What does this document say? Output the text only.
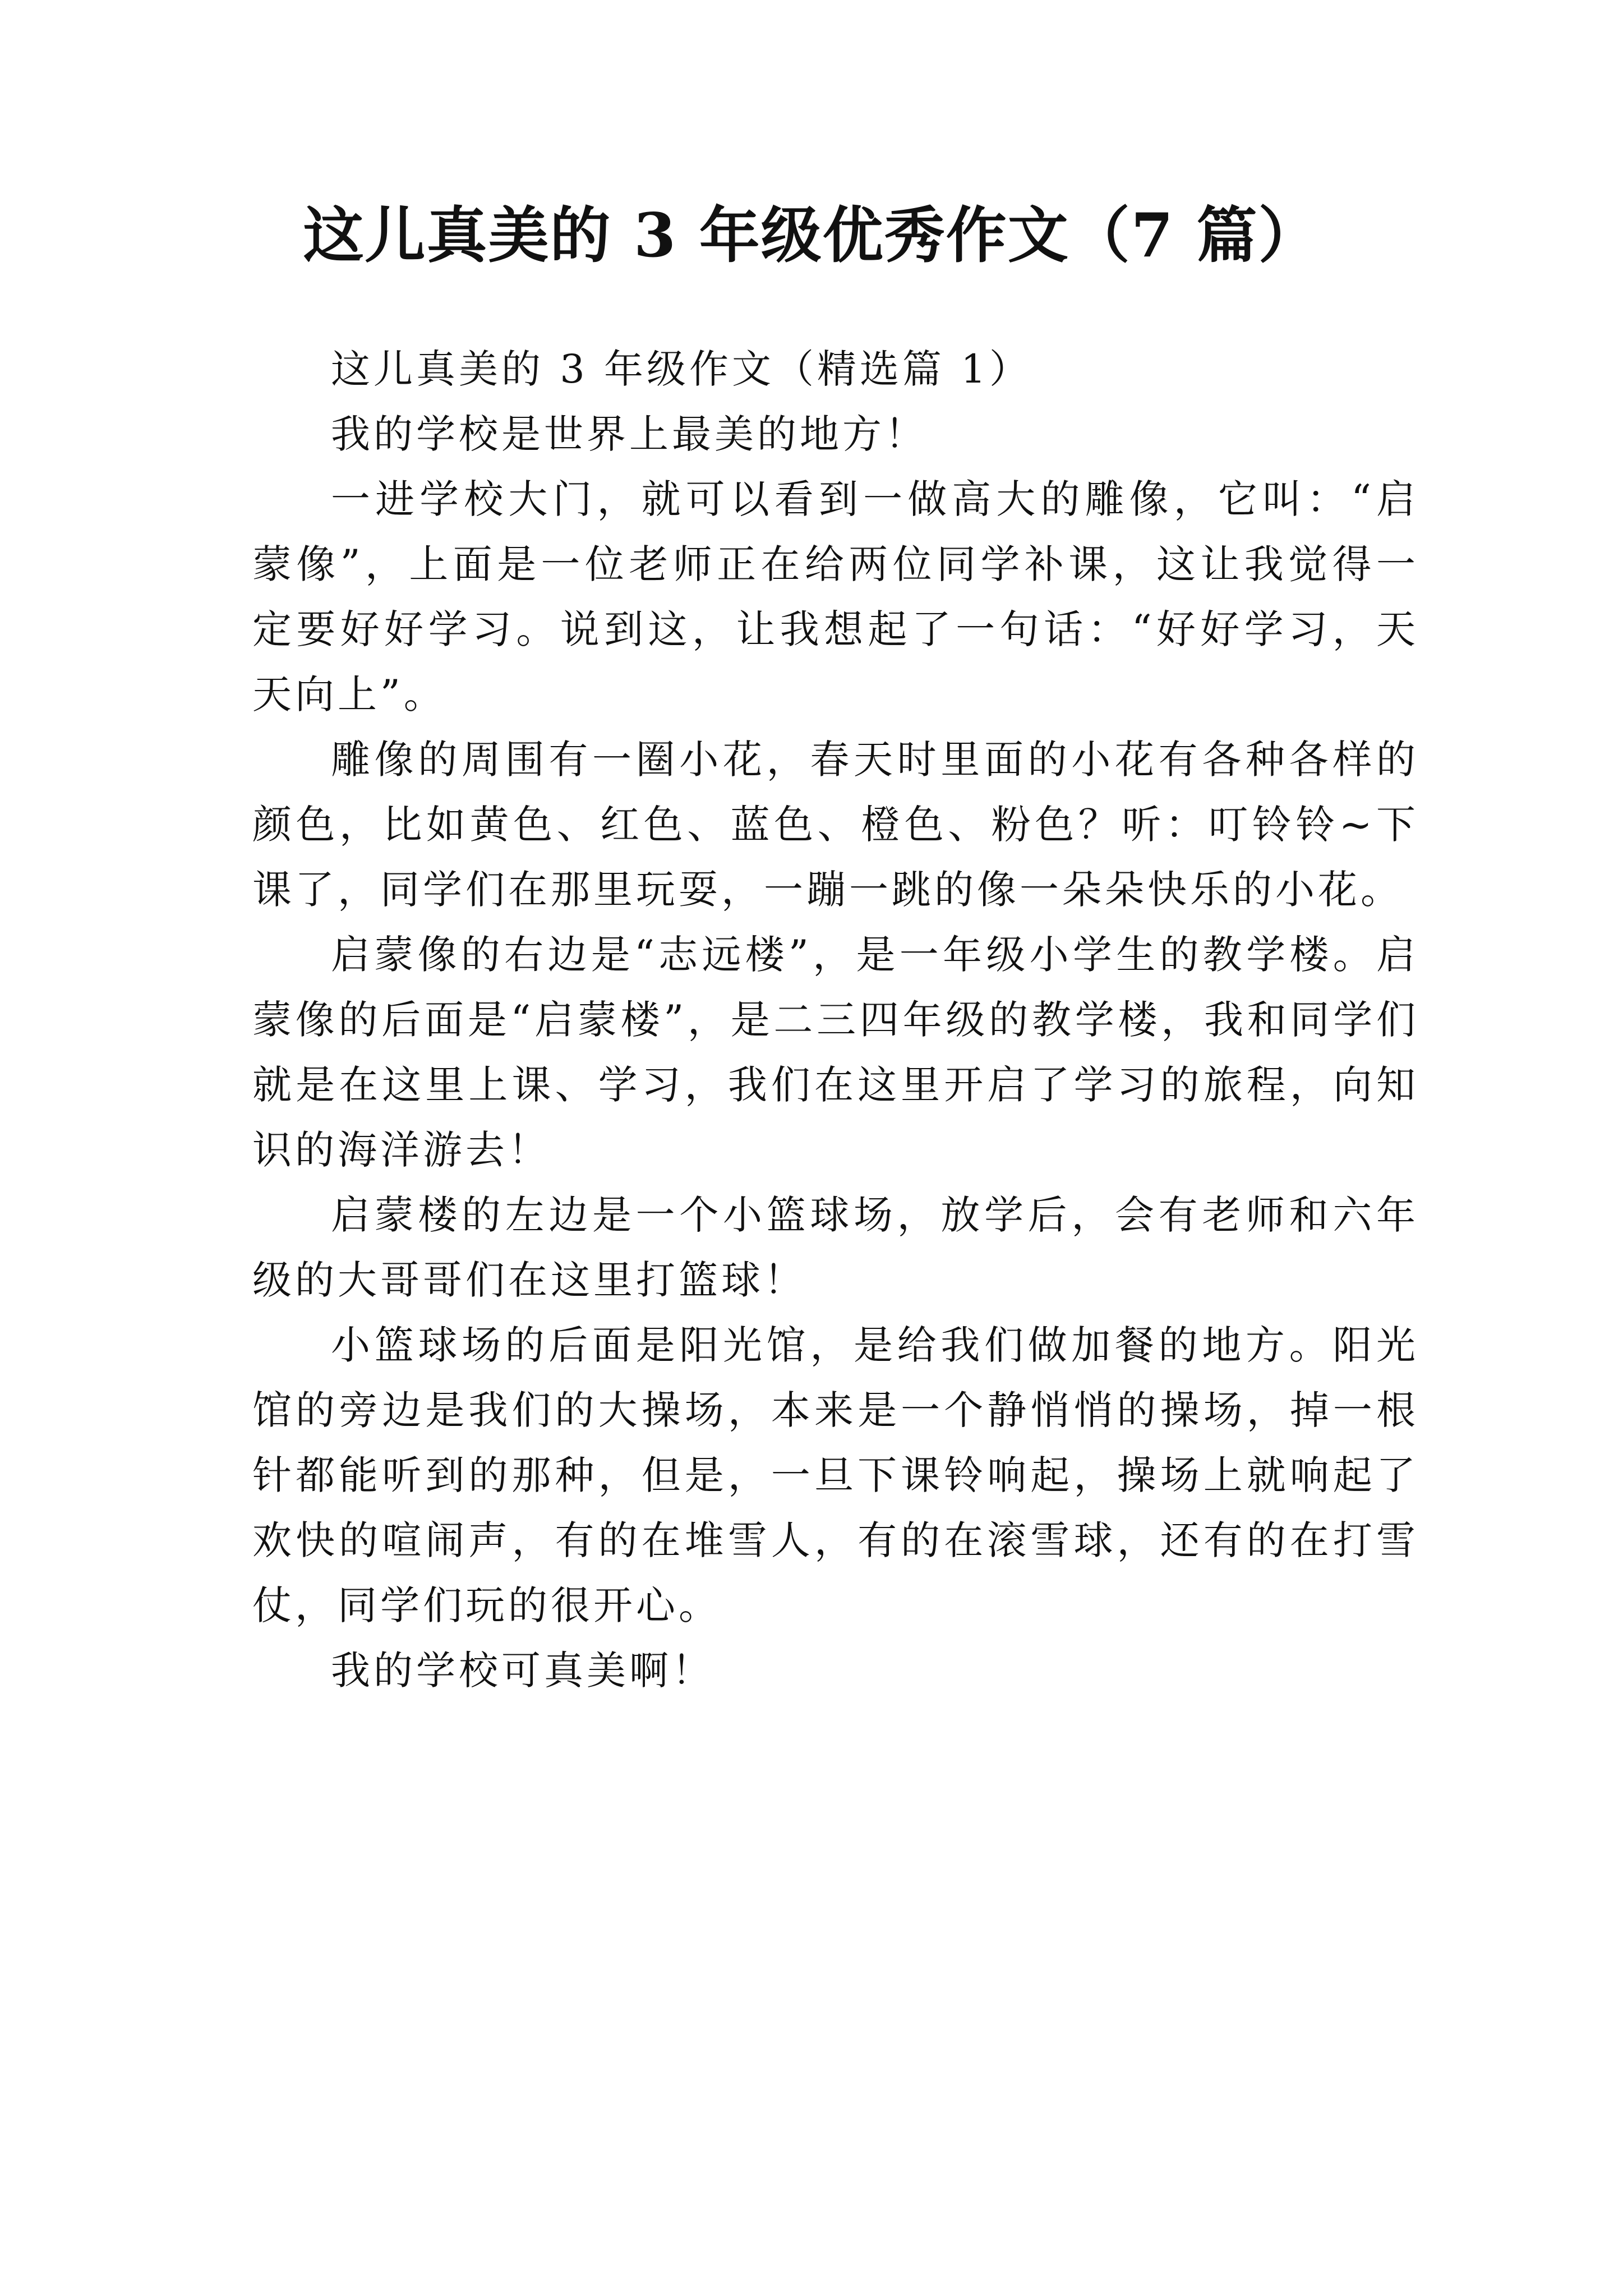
这儿真美的 3 年级优秀作文（7 篇）

这儿真美的 3 年级作文（精选篇 1）

我的学校是世界上最美的地方！

一进学校大门，就可以看到一做高大的雕像，它叫：“启蒙像”，上面是一位老师正在给两位同学补课，这让我觉得一定要好好学习。说到这，让我想起了一句话：“好好学习，天天向上”。

雕像的周围有一圈小花，春天时里面的小花有各种各样的颜色，比如黄色、红色、蓝色、橙色、粉色？听：叮铃铃~下课了，同学们在那里玩耍，一蹦一跳的像一朵朵快乐的小花。

启蒙像的右边是“志远楼”，是一年级小学生的教学楼。启蒙像的后面是“启蒙楼”，是二三四年级的教学楼，我和同学们就是在这里上课、学习，我们在这里开启了学习的旅程，向知识的海洋游去！

启蒙楼的左边是一个小篮球场，放学后，会有老师和六年级的大哥哥们在这里打篮球！

小篮球场的后面是阳光馆，是给我们做加餐的地方。阳光馆的旁边是我们的大操场，本来是一个静悄悄的操场，掉一根针都能听到的那种，但是，一旦下课铃响起，操场上就响起了欢快的喧闹声，有的在堆雪人，有的在滚雪球，还有的在打雪仗，同学们玩的很开心。

我的学校可真美啊！
